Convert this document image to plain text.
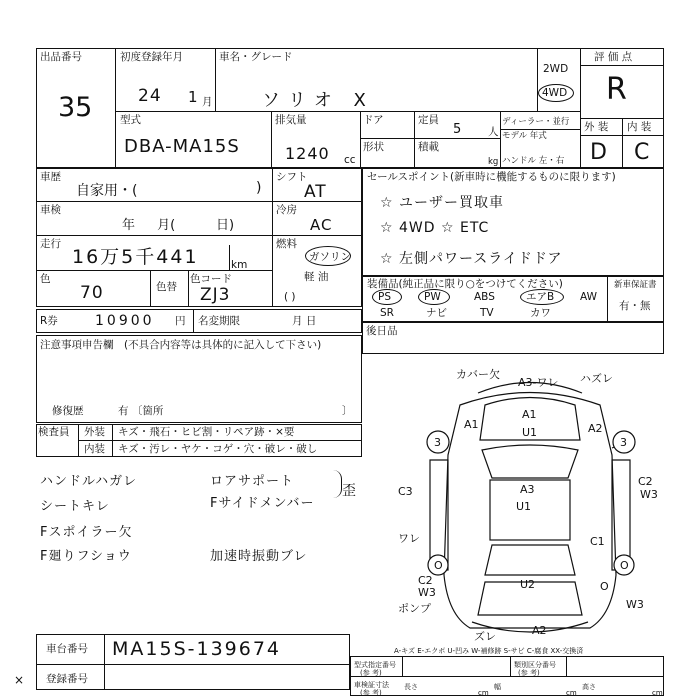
出品番号
35
初度登録年月
24 1 月
車名・グレード
ソリオ X
2WD
4WD
評 価 点
R
型式
DBA-MA15S
排気量
1240 cc
ドア
形状
定員
5 人
積載
kg
ディーラー・並行
モデル 年式
ハンドル 左・右
外 装 内 装
D C
車歴
自家用・(	)
シフト
AT
車検
年 月(	日)
冷房
AC
走行
16万5千441	km
燃料
ガソリン
軽 油
( )
色
70	色替
色コード
ZJ3
セールスポイント(新車時に機能するものに限ります)
☆ ユーザー買取車
☆ 4WD ☆ ETC
☆ 左側パワースライドドア
装備品(純正品に限り○をつけてください)	新車保証書
有・無
PS	PW	ABS	エアB AW
SR	ナビ	TV	カワ
R券	10900 円 名変期限	月 日
後日品
注意事項申告欄 (不具合内容等は具体的に記入して下さい)
修復歴	有 〔箇所	〕
検査員 外装 キズ・飛石・ヒビ割・リペア跡・×要
内装 キズ・汚レ・ヤケ・コゲ・穴・破レ・破し
ハンドルハガレ
シートキレ
Fスポイラー欠
F廻りフショウ
ロアサポート
Fサイドメンバー
加速時振動ブレ
歪
カバー欠
A3-ワレ ハズレ
A1
A1
U1	A2
3	3
C2
W3
C3	A3
U1
C1
ワレ
O	O
C2
W3
U2	O
W3
ポンプ
ズレ	A2
A-キズ E-エクボ U-凹み W-補修跡 S-サビ C-腐食 XX-交換済
車台番号 MA15S-139674
登録番号
型式指定番号
(参 考)
類別区分番号
(参 考)
車検証寸法
(参 考)
長さ
cm
幅
cm
高さ
cm
×
